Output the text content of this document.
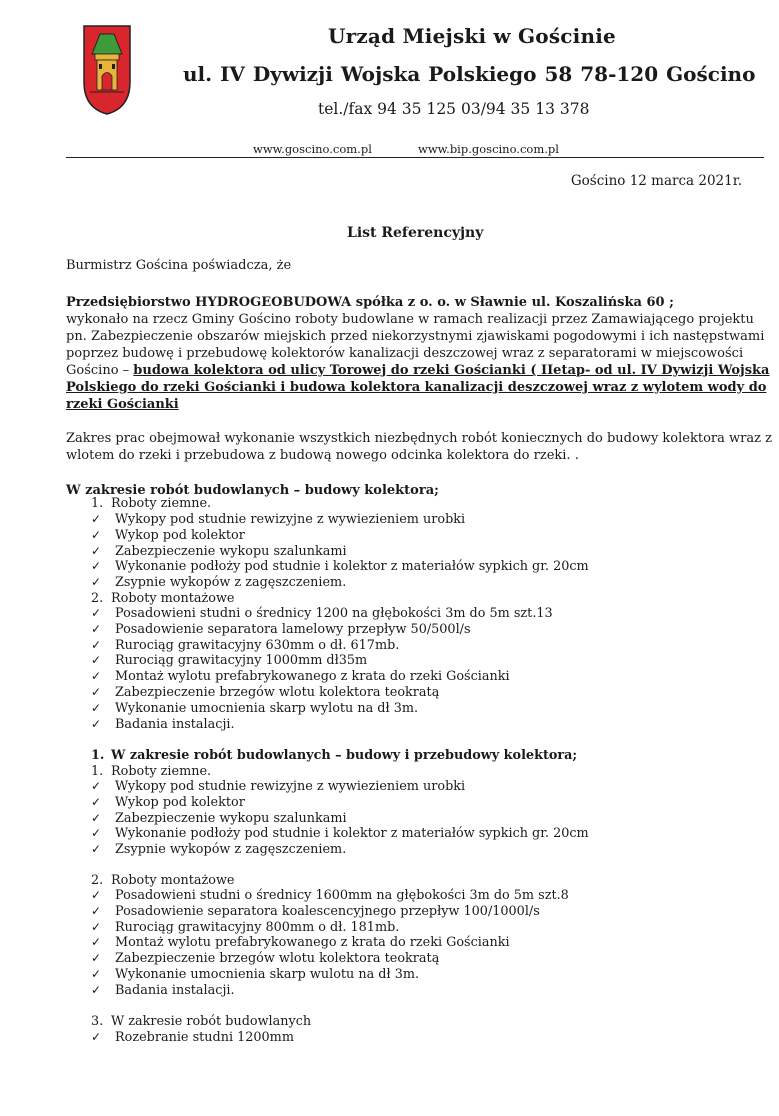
Urząd Miejski w Gościnie
ul. IV Dywizji Wojska Polskiego 58 78-120 Gościno
tel./fax 94 35 125 03/94 35 13 378
www.goscino.com.pl	www.bip.goscino.com.pl
Gościno 12 marca 2021r.
List Referencyjny
Burmistrz Gościna poświadcza, że
Przedsiębiorstwo HYDROGEOBUDOWA spółka z o. o. w Sławnie ul. Koszalińska 60 ;
wykonało na rzecz Gminy Gościno roboty budowlane w ramach realizacji przez Zamawiającego projektu
pn. Zabezpieczenie obszarów miejskich przed niekorzystnymi zjawiskami pogodowymi i ich następstwami
poprzez budowę i przebudowę kolektorów kanalizacji deszczowej wraz z separatorami w miejscowości
Gościno – budowa kolektora od ulicy Torowej do rzeki Gościanki ( IIetap- od ul. IV Dywizji Wojska
Polskiego do rzeki Gościanki i budowa kolektora kanalizacji deszczowej wraz z wylotem wody do
rzeki Gościanki
Zakres prac obejmował wykonanie wszystkich niezbędnych robót koniecznych do budowy kolektora wraz z
wlotem do rzeki i przebudowa z budową nowego odcinka kolektora do rzeki. .
W zakresie robót budowlanych – budowy kolektora;
1. Roboty ziemne.
✓ Wykopy pod studnie rewizyjne z wywiezieniem urobki
✓ Wykop pod kolektor
✓ Zabezpieczenie wykopu szalunkami
✓ Wykonanie podłoży pod studnie i kolektor z materiałów sypkich gr. 20cm
✓ Zsypnie wykopów z zagęszczeniem.
2. Roboty montażowe
✓ Posadowieni studni o średnicy 1200 na głębokości 3m do 5m szt.13
✓ Posadowienie separatora lamelowy przepływ 50/500l/s
✓ Rurociąg grawitacyjny 630mm o dł. 617mb.
✓ Rurociąg grawitacyjny 1000mm dł35m
✓ Montaż wylotu prefabrykowanego z krata do rzeki Gościanki
✓ Zabezpieczenie brzegów wlotu kolektora teokratą
✓ Wykonanie umocnienia skarp wylotu na dł 3m.
✓ Badania instalacji.
1. W zakresie robót budowlanych – budowy i przebudowy kolektora;
1. Roboty ziemne.
✓ Wykopy pod studnie rewizyjne z wywiezieniem urobki
✓ Wykop pod kolektor
✓ Zabezpieczenie wykopu szalunkami
✓ Wykonanie podłoży pod studnie i kolektor z materiałów sypkich gr. 20cm
✓ Zsypnie wykopów z zagęszczeniem.
2. Roboty montażowe
✓ Posadowieni studni o średnicy 1600mm na głębokości 3m do 5m szt.8
✓ Posadowienie separatora koalescencyjnego przepływ 100/1000l/s
✓ Rurociąg grawitacyjny 800mm o dł. 181mb.
✓ Montaż wylotu prefabrykowanego z krata do rzeki Gościanki
✓ Zabezpieczenie brzegów wlotu kolektora teokratą
✓ Wykonanie umocnienia skarp wulotu na dł 3m.
✓ Badania instalacji.
3. W zakresie robót budowlanych
✓ Rozebranie studni 1200mm
